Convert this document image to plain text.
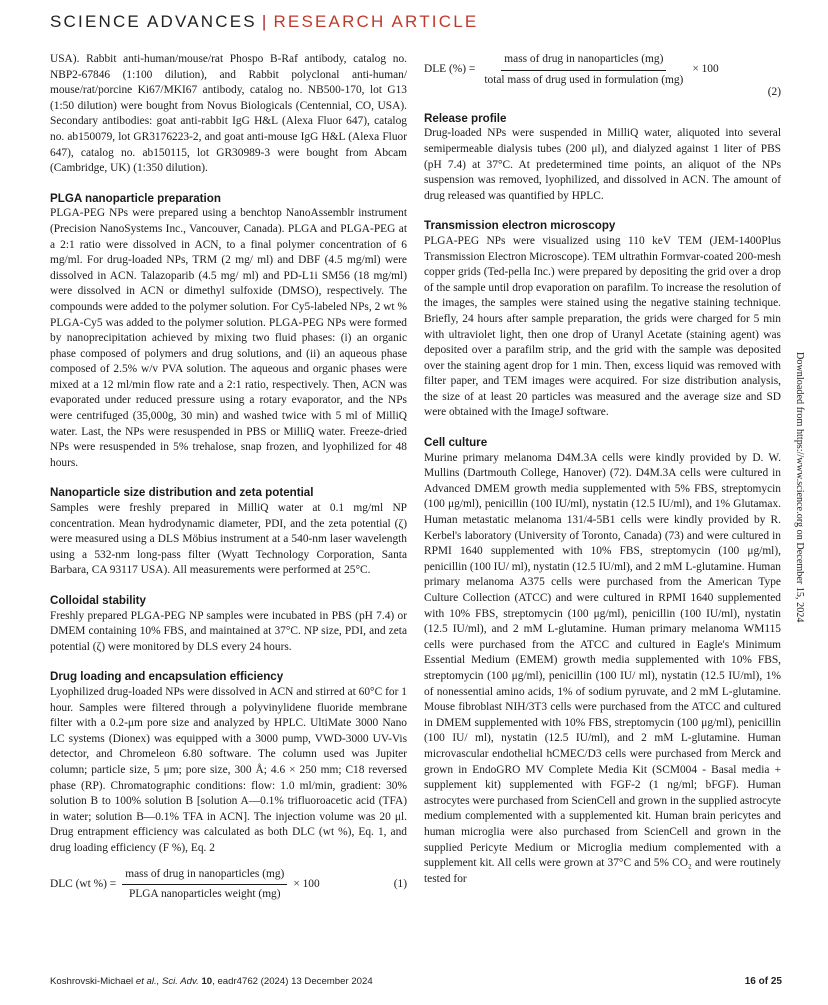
SCIENCE ADVANCES | RESEARCH ARTICLE

USA). Rabbit anti-human/mouse/rat Phospo B-Raf antibody, catalog no. NBP2-67846 (1:100 dilution), and Rabbit polyclonal anti-human/ mouse/rat/porcine Ki67/MKI67 antibody, catalog no. NB500-170, lot G13 (1:50 dilution) were bought from Novus Biologicals (Centennial, CO, USA). Secondary antibodies: goat anti-rabbit IgG H&L (Alexa Fluor 647), catalog no. ab150079, lot GR3176223-2, and goat anti-mouse IgG H&L (Alexa Fluor 647), catalog no. ab150115, lot GR30989-3 were bought from Abcam (Cambridge, UK) (1:350 dilution).

PLGA nanoparticle preparation

PLGA-PEG NPs were prepared using a benchtop NanoAssemblr instrument (Precision NanoSystems Inc., Vancouver, Canada). PLGA and PLGA-PEG at a 2:1 ratio were dissolved in ACN, to a final polymer concentration of 6 mg/ml. For drug-loaded NPs, TRM (2 mg/ ml) and DBF (4.5 mg/ml) were dissolved in ACN. Talazoparib (4.5 mg/ ml) and PD-L1i SM56 (18 mg/ml) were dissolved in ACN or dimethyl sulfoxide (DMSO), respectively. The compounds were added to the polymer solution. For Cy5-labeled NPs, 2 wt % PLGA-Cy5 was added to the polymer solution. PLGA-PEG NPs were formed by nanoprecipitation achieved by mixing two fluid phases: (i) an organic phase composed of polymers and drug solutions, and (ii) an aqueous phase composed of 2.5% w/v PVA solution. The aqueous and organic phases were mixed at a 12 ml/min flow rate and a 2:1 ratio, respectively. Then, ACN was evaporated under reduced pressure using a rotary evaporator, and the NPs were centrifuged (35,000g, 30 min) and washed twice with 5 ml of MilliQ water. Last, the NPs were resuspended in PBS or MilliQ water. Freeze-dried NPs were resuspended in 5% trehalose, snap frozen, and lyophilized for 48 hours.

Nanoparticle size distribution and zeta potential

Samples were freshly prepared in MilliQ water at 0.1 mg/ml NP concentration. Mean hydrodynamic diameter, PDI, and the zeta potential (ζ) were measured using a DLS Möbius instrument at a 540-nm laser wavelength using a 532-nm long-pass filter (Wyatt Technology Corporation, Santa Barbara, CA 93117 USA). All measurements were performed at 25°C.

Colloidal stability

Freshly prepared PLGA-PEG NP samples were incubated in PBS (pH 7.4) or DMEM containing 10% FBS, and maintained at 37°C. NP size, PDI, and zeta potential (ζ) were monitored by DLS every 24 hours.

Drug loading and encapsulation efficiency

Lyophilized drug-loaded NPs were dissolved in ACN and stirred at 60°C for 1 hour. Samples were filtered through a polyvinylidene fluoride membrane filter with a 0.2-μm pore size and analyzed by HPLC. UltiMate 3000 Nano LC systems (Dionex) was equipped with a 3000 pump, VWD-3000 UV-Vis detector, and Chromeleon 6.80 software. The column used was Jupiter column; particle size, 5 μm; pore size, 300 Å; 4.6 × 250 mm; C18 reversed phase (RP). Chromatographic conditions: flow: 1.0 ml/min, gradient: 30% solution B to 100% solution B [solution A—0.1% trifluoroacetic acid (TFA) in water; solution B—0.1% TFA in ACN]. The injection volume was 20 μl. Drug entrapment efficiency was calculated as both DLC (wt %), Eq. 1, and drug loading efficiency (F %), Eq. 2

DLC (wt %) = $\frac{\text{mass of drug in nanoparticles (mg)}}{\text{PLGA nanoparticles weight (mg)}} \times 100$	(1)
DLE (%) = $\frac{\text{mass of drug in nanoparticles (mg)}}{\text{total mass of drug used in formulation (mg)}} \times 100$
(2)
Release profile

Drug-loaded NPs were suspended in MilliQ water, aliquoted into several semipermeable dialysis tubes (200 μl), and dialyzed against 1 liter of PBS (pH 7.4) at 37°C. At predetermined time points, an aliquot of the NPs suspension was removed, lyophilized, and dissolved in ACN. The amount of drug released was quantified by HPLC.

Transmission electron microscopy

PLGA-PEG NPs were visualized using 110 keV TEM (JEM-1400Plus Transmission Electron Microscope). TEM ultrathin Formvar-coated 200-mesh copper grids (Ted-pella Inc.) were prepared by depositing the grid over a drop of the sample until drop evaporation on parafilm. To increase the resolution of the images, the samples were stained using the negative staining technique. Briefly, 24 hours after sample preparation, the grids were charged for 5 min with ultraviolet light, then one drop of Uranyl Acetate (staining agent) was deposited over a parafilm strip, and the grid with the sample was deposited over the staining agent drop for 1 min. Then, excess liquid was removed with filter paper, and TEM images were acquired. For size distribution analysis, the size of at least 20 particles was measured and the average size and SD were obtained with the ImageJ software.

Cell culture

Murine primary melanoma D4M.3A cells were kindly provided by D. W. Mullins (Dartmouth College, Hanover) (72). D4M.3A cells were cultured in Advanced DMEM growth media supplemented with 5% FBS, streptomycin (100 μg/ml), penicillin (100 IU/ml), nystatin (12.5 IU/ml), and 1% Glutamax. Human metastatic melanoma 131/4-5B1 cells were kindly provided by R. Kerbel's laboratory (University of Toronto, Canada) (73) and were cultured in RPMI 1640 supplemented with 10% FBS, streptomycin (100 μg/ml), penicillin (100 IU/ ml), nystatin (12.5 IU/ml), and 2 mM L-glutamine. Human primary melanoma A375 cells were purchased from the American Type Culture Collection (ATCC) and were cultured in RPMI 1640 supplemented with 10% FBS, streptomycin (100 μg/ml), penicillin (100 IU/ml), nystatin (12.5 IU/ml), and 2 mM L-glutamine. Human primary melanoma WM115 cells were purchased from the ATCC and cultured in Eagle's Minimum Essential Medium (EMEM) growth media supplemented with 10% FBS, streptomycin (100 μg/ml), penicillin (100 IU/ ml), nystatin (12.5 IU/ml), 1% of nonessential amino acids, 1% of sodium pyruvate, and 2 mM L-glutamine. Mouse fibroblast NIH/3T3 cells were purchased from the ATCC and cultured in DMEM supplemented with 10% FBS, streptomycin (100 μg/ml), penicillin (100 IU/ ml), nystatin (12.5 IU/ml), and 2 mM L-glutamine. Human microvascular endothelial hCMEC/D3 cells were purchased from Merck and grown in EndoGRO MV Complete Media Kit (SCM004 - Basal media + supplement kit) supplemented with FGF-2 (1 ng/ml; bFGF). Human astrocytes were purchased from ScienCell and grown in the supplied astrocyte medium complemented with a supplemented kit. Human brain pericytes and human microglia were also purchased from ScienCell and grown in the supplied Pericyte Medium or Microglia medium complemented with a supplement kit. All cells were grown at 37°C and 5% CO₂ and were routinely tested for

Downloaded from https://www.science.org on December 15, 2024
Koshrovski-Michael et al., Sci. Adv. 10, eadr4762 (2024) 13 December 2024	16 of 25
